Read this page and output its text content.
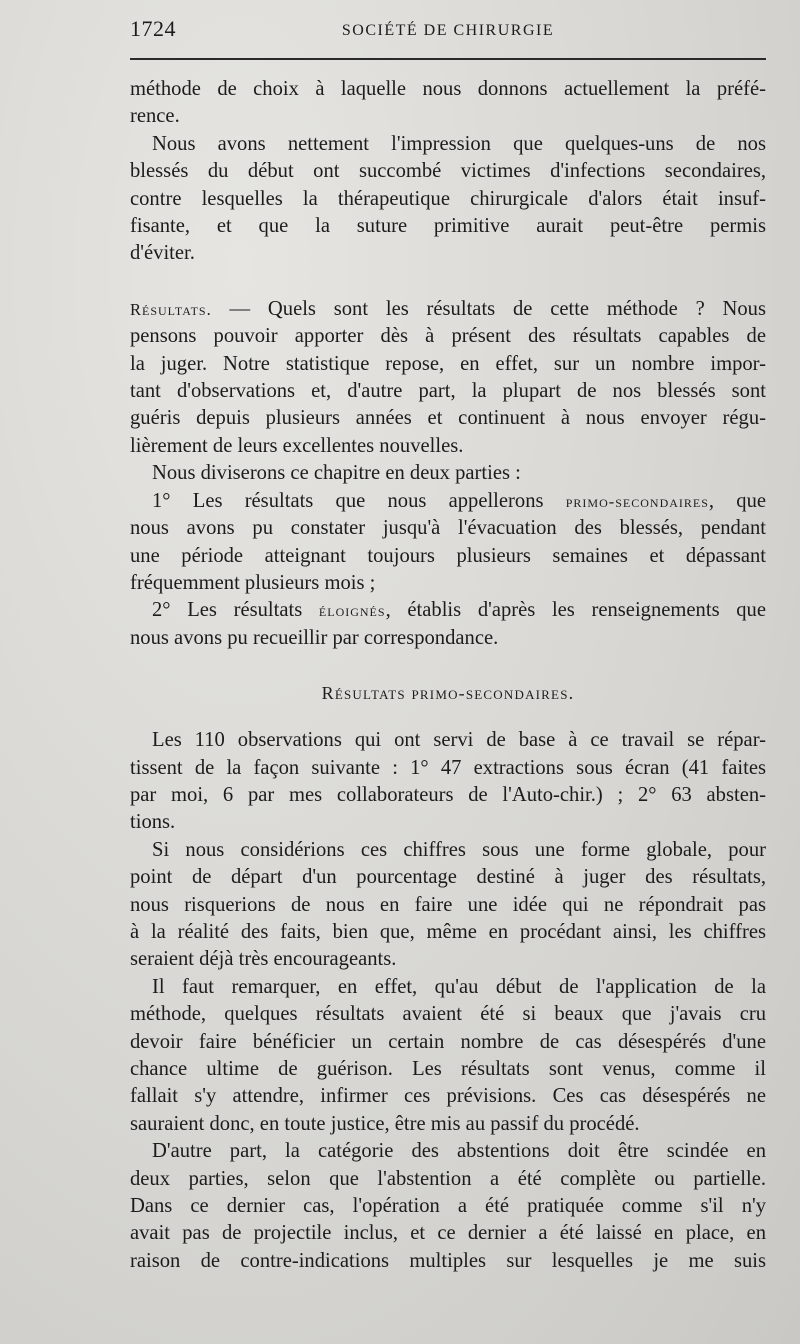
1724	SOCIÉTÉ DE CHIRURGIE
méthode de choix à laquelle nous donnons actuellement la préfé-
rence.
Nous avons nettement l'impression que quelques-uns de nos
blessés du début ont succombé victimes d'infections secondaires,
contre lesquelles la thérapeutique chirurgicale d'alors était insuf-
fisante, et que la suture primitive aurait peut-être permis
d'éviter.
Résultats. — Quels sont les résultats de cette méthode ? Nous
pensons pouvoir apporter dès à présent des résultats capables de
la juger. Notre statistique repose, en effet, sur un nombre impor-
tant d'observations et, d'autre part, la plupart de nos blessés sont
guéris depuis plusieurs années et continuent à nous envoyer régu-
lièrement de leurs excellentes nouvelles.
Nous diviserons ce chapitre en deux parties :
1° Les résultats que nous appellerons primo-secondaires, que
nous avons pu constater jusqu'à l'évacuation des blessés, pendant
une période atteignant toujours plusieurs semaines et dépassant
fréquemment plusieurs mois ;
2° Les résultats éloignés, établis d'après les renseignements que
nous avons pu recueillir par correspondance.

Résultats primo-secondaires.

Les 110 observations qui ont servi de base à ce travail se répar-
tissent de la façon suivante : 1° 47 extractions sous écran (41 faites
par moi, 6 par mes collaborateurs de l'Auto-chir.) ; 2° 63 absten-
tions.
Si nous considérions ces chiffres sous une forme globale, pour
point de départ d'un pourcentage destiné à juger des résultats,
nous risquerions de nous en faire une idée qui ne répondrait pas
à la réalité des faits, bien que, même en procédant ainsi, les chiffres
seraient déjà très encourageants.
Il faut remarquer, en effet, qu'au début de l'application de la
méthode, quelques résultats avaient été si beaux que j'avais cru
devoir faire bénéficier un certain nombre de cas désespérés d'une
chance ultime de guérison. Les résultats sont venus, comme il
fallait s'y attendre, infirmer ces prévisions. Ces cas désespérés ne
sauraient donc, en toute justice, être mis au passif du procédé.
D'autre part, la catégorie des abstentions doit être scindée en
deux parties, selon que l'abstention a été complète ou partielle.
Dans ce dernier cas, l'opération a été pratiquée comme s'il n'y
avait pas de projectile inclus, et ce dernier a été laissé en place, en
raison de contre-indications multiples sur lesquelles je me suis
